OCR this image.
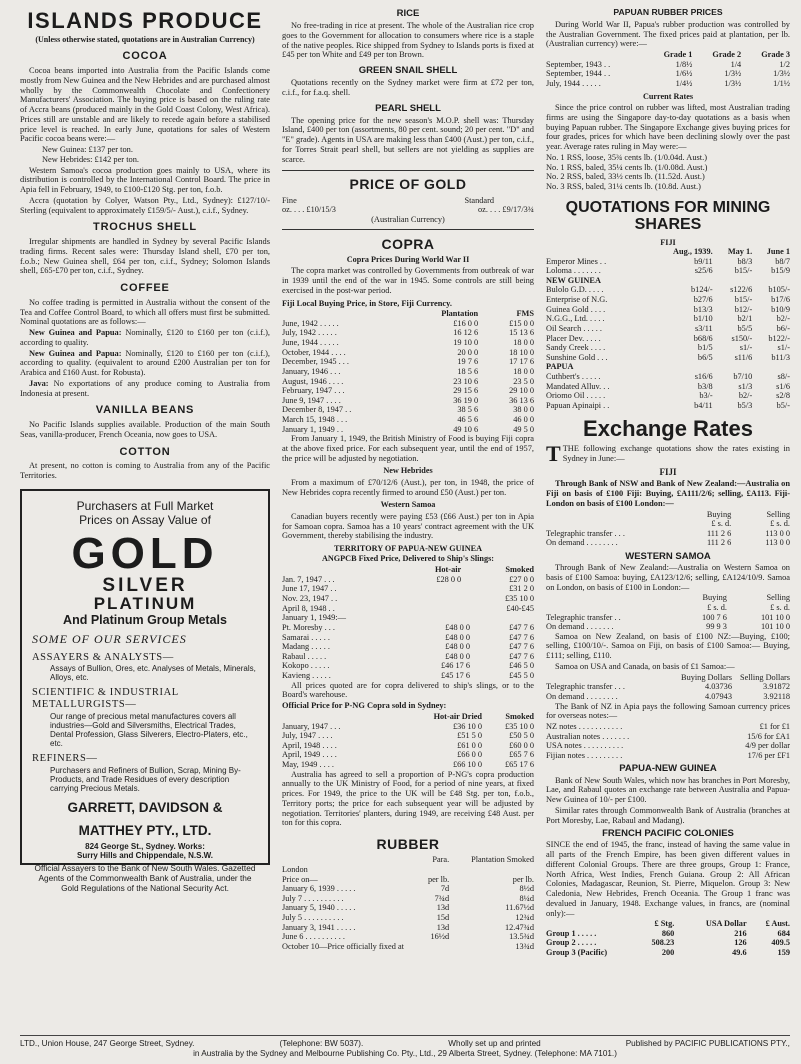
ISLANDS PRODUCE
(Unless otherwise stated, quotations are in Australian Currency)
COCOA

Cocoa beans imported into Australia from the Pacific Islands come mostly from New Guinea and the New Hebrides and are purchased almost wholly by the Commonwealth Chocolate and Confectionery Manufacturers' Association. The buying price is based on the ruling rate of Accra beans (produced mainly in the Gold Coast Colony, West Africa). Prices still are unstable and are likely to recede again before a stabilised price level is reached. In early June, quotations for sales of Western Pacific cocoa beans were:—

New Guinea: £137 per ton.
New Hebrides: £142 per ton.

Western Samoa's cocoa production goes mainly to USA, where its distribution is controlled by the International Control Board. The price in Apia fell in February, 1949, to £100-£120 Stg. per ton, f.o.b.

Accra (quotation by Colyer, Watson Pty., Ltd., Sydney): £127/10/- Sterling (equivalent to approximately £159/5/- Aust.), c.i.f., Sydney.

TROCHUS SHELL

Irregular shipments are handled in Sydney by several Pacific Islands trading firms. Recent sales were: Thursday Island shell, £70 per ton, f.o.b.; New Guinea shell, £64 per ton, c.i.f., Sydney; Solomon Islands shell, £65-£70 per ton, c.i.f., Sydney.

COFFEE

No coffee trading is permitted in Australia without the consent of the Tea and Coffee Control Board, to which all offers must first be submitted. Nominal quotations are as follows:—

New Guinea and Papua: Nominally, £120 to £160 per ton (c.i.f.), according to quality.

New Guinea and Papua: Nominally, £120 to £160 per ton (c.i.f.), according to quality. (equivalent to around £200 Australian per ton for Arabica and £160 Aust. for Robusta).

Java: No exportations of any produce coming to Australia from Indonesia at present.

VANILLA BEANS

No Pacific Islands supplies available. Production of the main South Seas, vanilla-producer, French Oceania, now goes to USA.

COTTON

At present, no cotton is coming to Australia from any of the Pacific Territories.

Purchasers at Full Market
Prices on Assay Value of
GOLD
SILVER
PLATINUM
And Platinum Group Metals
SOME OF OUR SERVICES
ASSAYERS & ANALYSTS—
Assays of Bullion, Ores, etc. Analyses of Metals, Minerals, Alloys, etc.
SCIENTIFIC & INDUSTRIAL METALLURGISTS—
Our range of precious metal manufactures covers all industries—Gold and Silversmiths, Electrical Trades, Dental Profession, Glass Silverers, Electro-Platers, etc., etc.
REFINERS—
Purchasers and Refiners of Bullion, Scrap, Mining By-Products, and Trade Residues of every description carrying Precious Metals.
GARRETT, DAVIDSON &
MATTHEY PTY., LTD.
824 George St., Sydney. Works:
Surry Hills and Chippendale, N.S.W.
Official Assayers to the Bank of New South Wales. Gazetted Agents of the Commonwealth Bank of Australia, under the Gold Regulations of the National Security Act.
RICE

No free-trading in rice at present. The whole of the Australian rice crop goes to the Government for allocation to consumers where rice is a staple of the native peoples. Rice shipped from Sydney to Islands ports is fixed at £45 per ton White and £49 per ton Brown.

GREEN SNAIL SHELL

Quotations recently on the Sydney market were firm at £72 per ton, c.i.f., for f.a.q. shell.

PEARL SHELL

The opening price for the new season's M.O.P. shell was: Thursday Island, £400 per ton (assortments, 80 per cent. sound; 20 per cent. "D" and "E" grade). Agents in USA are making less than £400 (Aust.) per ton, c.i.f., for Torres Strait pearl shell, but sellers are not yielding as supplies are scarce.

PRICE OF GOLD
Fine	Standard
oz. . . . £10/15/3	oz. . . . £9/17/3¾
(Australian Currency)
COPRA
Copra Prices During World War II

The copra market was controlled by Governments from outbreak of war in 1939 until the end of the war in 1945. Some controls are still being exercised in the post-war period.

Fiji Local Buying Price, in Store, Fiji Currency.
	Plantation	FMS
June, 1942 . . . . .	£16 0 0	£15 0 0
July, 1942 . . . . .	16 12 6	15 13 6
June, 1944 . . . . .	19 10 0	18 0 0
October, 1944 . . . .	20 0 0	18 10 0
December, 1945 . . .	19 7 6	17 17 6
January, 1946 . . .	18 5 6	18 0 0
August, 1946 . . . .	23 10 6	23 5 0
February, 1947 . . .	29 15 6	29 10 0
June 9, 1947 . . . .	36 19 0	36 13 6
December 8, 1947 . .	38 5 6	38 0 0
March 15, 1948 . . .	46 5 6	46 0 0
January 1, 1949 . .	49 10 6	49 5 0

From January 1, 1949, the British Ministry of Food is buying Fiji copra at the above fixed price. For each subsequent year, until the end of 1957, the price will be adjusted by negotiation.

New Hebrides

From a maximum of £70/12/6 (Aust.), per ton, in 1948, the price of New Hebrides copra recently firmed to around £50 (Aust.) per ton.

Western Samoa

Canadian buyers recently were paying £53 (£66 Aust.) per ton in Apia for Samoan copra. Samoa has a 10 years' contract agreement with the UK Government, thereby stabilising the industry.

TERRITORY OF PAPUA-NEW GUINEA
ANGPCB Fixed Price, Delivered to Ship's Slings:
	Hot-air	Smoked
Jan. 7, 1947 . . .	£28 0 0	£27 0 0
June 17, 1947 . .		£31 2 0
Nov. 23, 1947 . .		£35 10 0
April 8, 1948 . .		£40-£45
January 1, 1949:—
Pt. Moresby . . .	£48 0 0	£47 7 6
Samarai . . . . .	£48 0 0	£47 7 6
Madang . . . . .	£48 0 0	£47 7 6
Rabaul . . . . .	£48 0 0	£47 7 6
Kokopo . . . . .	£46 17 6	£46 5 0
Kavieng . . . . .	£45 17 6	£45 5 0

All prices quoted are for copra delivered to ship's slings, or to the Board's warehouse.

Official Price for P-NG Copra sold in Sydney:
	Hot-air Dried	Smoked
January, 1947 . . .	£36 10 0	£35 10 0
July, 1947 . . . .	£51 5 0	£50 5 0
April, 1948 . . . .	£61 0 0	£60 0 0
April, 1949 . . . .	£66 0 0	£65 7 6
May, 1949 . . . .	£66 10 0	£65 17 6

Australia has agreed to sell a proportion of P-NG's copra production annually to the UK Ministry of Food, for a period of nine years, at fixed prices. For 1949, the price to the UK will be £48 Stg. per ton, f.o.b., Territory ports; the price for each subsequent year will be adjusted by negotiation. Territories' planters, during 1949, are receiving £48 Aust. per ton for this copra.

RUBBER
	Para.	Plantation Smoked
London		
Price on—	per lb.	per lb.
January 6, 1939 . . . . .	7d	8½d
July 7 . . . . . . . . . .	7¾d	8¼d
January 5, 1940 . . . . .	13d	11.67½d
July 5 . . . . . . . . . .	15d	12¾d
January 3, 1941 . . . . .	13d	12.47¾d
June 6 . . . . . . . . . .	16½d	13.5¾d
October 10—Price officially fixed at		13¾d
PAPUAN RUBBER PRICES

During World War II, Papua's rubber production was controlled by the Australian Government. The fixed prices paid at plantation, per lb. (Australian currency) were:—

	Grade 1	Grade 2	Grade 3
September, 1943 . .	1/8½	1/4	1/2
September, 1944 . .	1/6½	1/3½	1/3½
July, 1944 . . . . .	1/4½	1/3½	1/1½
Current Rates

Since the price control on rubber was lifted, most Australian trading firms are using the Singapore day-to-day quotations as a basis when buying Papuan rubber. The Singapore Exchange gives buying prices for four grades, prices for which have been declining slowly over the past year. Average rates ruling in May were:—

No. 1 RSS, loose, 35¾ cents lb. (1/0.04d. Aust.)
No. 1 RSS, baled, 35¼ cents lb. (1/0.08d. Aust.)
No. 2 RSS, baled, 33½ cents lb. (11.52d. Aust.)
No. 3 RSS, baled, 31¼ cents lb. (10.8d. Aust.)
QUOTATIONS FOR MINING SHARES
FIJI
	Aug., 1939.	May 1.	June 1
Emperor Mines . .	b9/11	b8/3	b8/7
Loloma . . . . . . .	s25/6	b15/-	b15/9
NEW GUINEA			
Bulolo G.D. . . . .	b124/-	s122/6	b105/-
Enterprise of N.G.	b27/6	b15/-	b17/6
Guinea Gold . . . .	b13/3	b12/-	b10/9
N.G.G., Ltd. . . . .	b1/10	b2/1	b2/-
Oil Search . . . . .	s3/11	b5/5	b6/-
Placer Dev. . . . .	b68/6	s150/-	b122/-
Sandy Creek . . . .	b1/5	s1/-	s1/-
Sunshine Gold . . .	b6/5	s11/6	b11/3
PAPUA			
Cuthbert's . . . . .	s16/6	b7/10	s8/-
Mandated Alluv. . .	b3/8	s1/3	s1/6
Oriomo Oil . . . . .	b3/-	b2/-	s2/8
Papuan Apinaipi . .	b4/11	b5/3	b5/-
Exchange Rates

TTHE following exchange quotations show the rates existing in Sydney in June:—

FIJI

Through Bank of NSW and Bank of New Zealand:—Australia on Fiji on basis of £100 Fiji: Buying, £A111/2/6; selling, £A113. Fiji-London on basis of £100 London:—

	Buying	Selling
	£ s. d.	£ s. d.
Telegraphic transfer . . .	111 2 6	113 0 0
On demand . . . . . . . .	111 2 6	113 0 0
WESTERN SAMOA

Through Bank of New Zealand:—Australia on Western Samoa on basis of £100 Samoa: buying, £A123/12/6; selling, £A124/10/9. Samoa on London, on basis of £100 in London:—

	Buying	Selling
	£ s. d.	£ s. d.
Telegraphic transfer . .	100 7 6	101 10 0
On demand . . . . . . .	99 9 3	101 10 0

Samoa on New Zealand, on basis of £100 NZ:—Buying, £100; selling, £100/10/-. Samoa on Fiji, on basis of £100 Samoa:— Buying, £111; selling, £110.

Samoa on USA and Canada, on basis of £1 Samoa:—

	Buying Dollars	Selling Dollars
Telegraphic transfer . . .	4.03736	3.91872
On demand . . . . . . . .	4.07943	3.92118

The Bank of NZ in Apia pays the following Samoan currency prices for overseas notes:—

NZ notes . . . . . . . . . . .	£1 for £1
Australian notes . . . . . . .	15/6 for £A1
USA notes . . . . . . . . . .	4/9 per dollar
Fijian notes . . . . . . . . .	17/6 per £F1
PAPUA-NEW GUINEA

Bank of New South Wales, which now has branches in Port Moresby, Lae, and Rabaul quotes an exchange rate between Australia and Papua-New Guinea of 10/- per £100.

Similar rates through Commonwealth Bank of Australia (branches at Port Moresby, Lae, Rabaul and Madang).

FRENCH PACIFIC COLONIES

SINCE the end of 1945, the franc, instead of having the same value in all parts of the French Empire, has been given different values in different Colonial Groups. There are three groups, Group 1: France, North Africa, West Indies, French Guiana. Group 2: All African Colonies, Madagascar, Reunion, St. Pierre, Miquelon. Group 3: New Caledonia, New Hebrides, French Oceania. The Group 1 franc was devalued in January, 1948. Exchange values, in francs, are (nominal only):—

	£ Stg.	USA Dollar	£ Aust.
Group 1 . . . . .	860	216	684
Group 2 . . . . .	508.23	126	409.5
Group 3 (Pacific)	200	49.6	159
LTD., Union House, 247 George Street, Sydney.	(Telephone: BW 5037).	Wholly set up and printed	Published by PACIFIC PUBLICATIONS PTY.,
in Australia by the Sydney and Melbourne Publishing Co. Pty., Ltd., 29 Alberta Street, Sydney. (Telephone: MA 7101.)
